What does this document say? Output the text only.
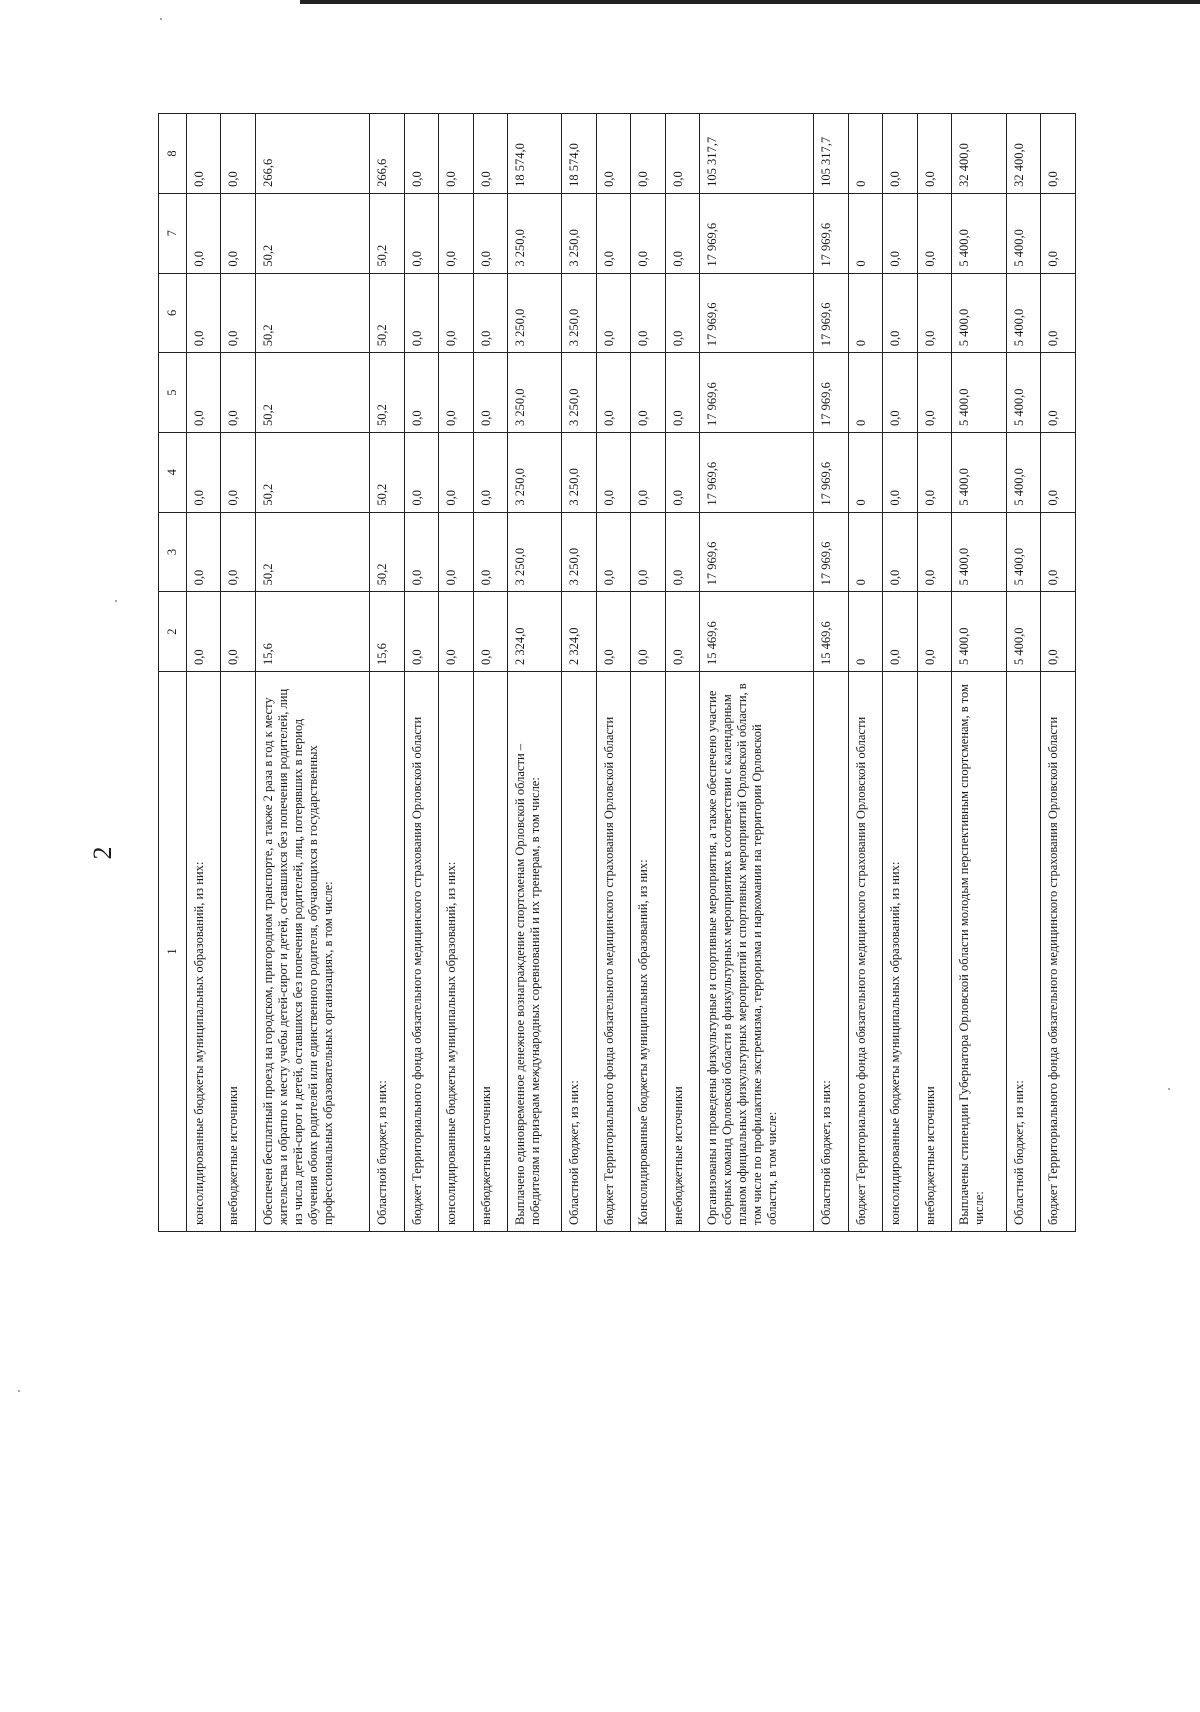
2
1	2	3	4	5	6	7	8
консолидированные бюджеты муниципальных образований, из них:	0,0	0,0	0,0	0,0	0,0	0,0	0,0
внебюджетные источники	0,0	0,0	0,0	0,0	0,0	0,0	0,0
Обеспечен бесплатный проезд на городском, пригородном транспорте, а также 2 раза в год к месту жительства и обратно к месту учебы детей-сирот и детей, оставшихся без попечения родителей, лиц из числа детей-сирот и детей, оставшихся без попечения родителей, лиц, потерявших в период обучения обоих родителей или единственного родителя, обучающихся в государственных профессиональных образовательных организациях, в том числе:	15,6	50,2	50,2	50,2	50,2	50,2	266,6
Областной бюджет, из них:	15,6	50,2	50,2	50,2	50,2	50,2	266,6
бюджет Территориального фонда обязательного медицинского страхования Орловской области	0,0	0,0	0,0	0,0	0,0	0,0	0,0
консолидированные бюджеты муниципальных образований, из них:	0,0	0,0	0,0	0,0	0,0	0,0	0,0
внебюджетные источники	0,0	0,0	0,0	0,0	0,0	0,0	0,0
Выплачено единовременное денежное вознаграждение спортсменам Орловской области – победителям и призерам международных соревнований и их тренерам, в том числе:	2 324,0	3 250,0	3 250,0	3 250,0	3 250,0	3 250,0	18 574,0
Областной бюджет, из них:	2 324,0	3 250,0	3 250,0	3 250,0	3 250,0	3 250,0	18 574,0
бюджет Территориального фонда обязательного медицинского страхования Орловской области	0,0	0,0	0,0	0,0	0,0	0,0	0,0
Консолидированные бюджеты муниципальных образований, из них:	0,0	0,0	0,0	0,0	0,0	0,0	0,0
внебюджетные источники	0,0	0,0	0,0	0,0	0,0	0,0	0,0
Организованы и проведены физкультурные и спортивные мероприятия, а также обеспечено участие сборных команд Орловской области в физкультурных мероприятиях в соответствии с календарным планом официальных физкультурных мероприятий и спортивных мероприятий Орловской области, в том числе по профилактике экстремизма, терроризма и наркомании на территории Орловской области, в том числе:	15 469,6	17 969,6	17 969,6	17 969,6	17 969,6	17 969,6	105 317,7
Областной бюджет, из них:	15 469,6	17 969,6	17 969,6	17 969,6	17 969,6	17 969,6	105 317,7
бюджет Территориального фонда обязательного медицинского страхования Орловской области	0	0	0	0	0	0	0
консолидированные бюджеты муниципальных образований, из них:	0,0	0,0	0,0	0,0	0,0	0,0	0,0
внебюджетные источники	0,0	0,0	0,0	0,0	0,0	0,0	0,0
Выплачены стипендии Губернатора Орловской области молодым перспективным спортсменам, в том числе:	5 400,0	5 400,0	5 400,0	5 400,0	5 400,0	5 400,0	32 400,0
Областной бюджет, из них:	5 400,0	5 400,0	5 400,0	5 400,0	5 400,0	5 400,0	32 400,0
бюджет Территориального фонда обязательного медицинского страхования Орловской области	0,0	0,0	0,0	0,0	0,0	0,0	0,0
